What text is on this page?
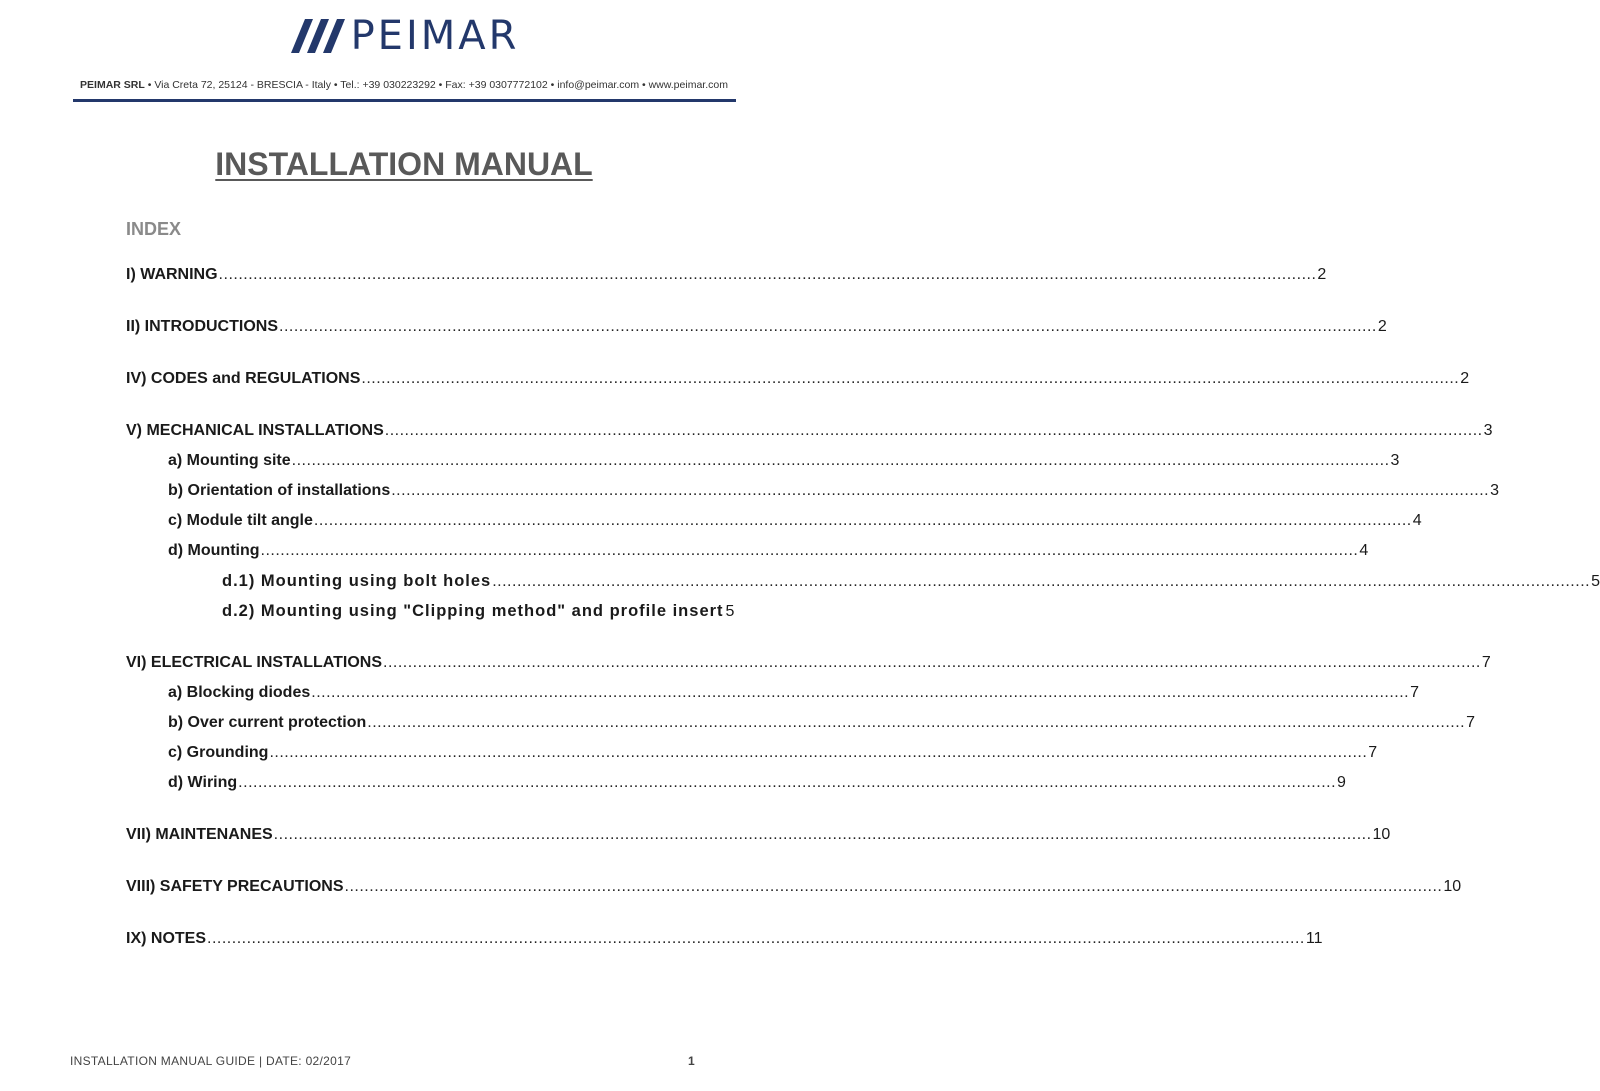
PEIMAR
PEIMAR SRL • Via Creta 72, 25124 - BRESCIA - Italy • Tel.: +39 030223292 • Fax: +39 0307772102 • info@peimar.com • www.peimar.com
INSTALLATION MANUAL
INDEX
I) WARNING .....	2
II) INTRODUCTIONS .....	2
IV) CODES and REGULATIONS .....	2
V) MECHANICAL INSTALLATIONS .....	3
a) Mounting site .....	3
b) Orientation of installations .....	3
c) Module tilt angle .....	4
d) Mounting .....	4
d.1) Mounting using bolt holes .....	5
d.2) Mounting using "Clipping method" and profile insert ..... 5
VI) ELECTRICAL INSTALLATIONS .....	7
a) Blocking diodes .....	7
b) Over current protection .....	7
c) Grounding .....	7
d) Wiring .....	9
VII) MAINTENANES .....	10
VIII) SAFETY PRECAUTIONS .....	10
IX) NOTES .....	11
INSTALLATION MANUAL GUIDE | DATE: 02/2017	1
